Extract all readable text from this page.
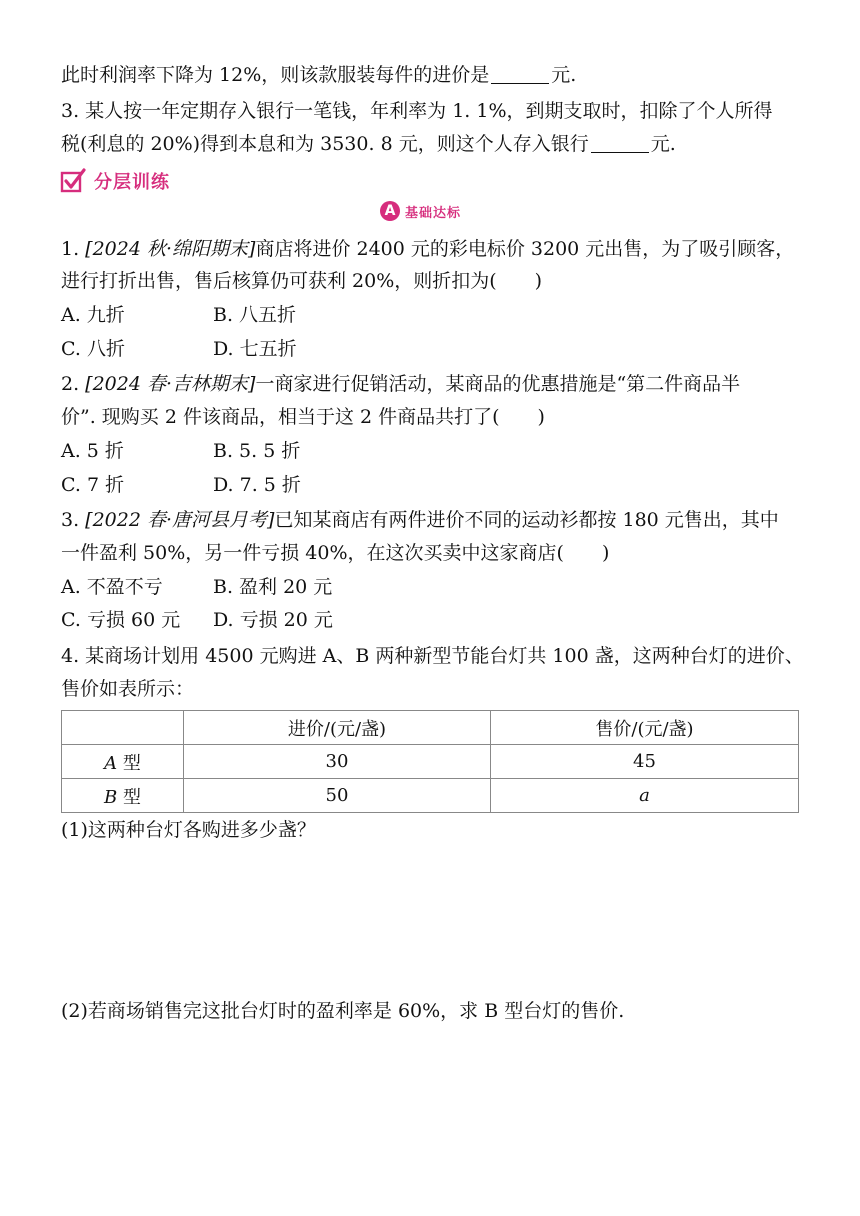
此时利润率下降为 12%，则该款服装每件的进价是	元.
3. 某人按一年定期存入银行一笔钱，年利率为 1. 1%，到期支取时，扣除了个人所得
税(利息的 20%)得到本息和为 3530. 8 元，则这个人存入银行	元.
分层训练
A 基础达标
1. [2024 秋·绵阳期末]商店将进价 2400 元的彩电标价 3200 元出售，为了吸引顾客，
进行打折出售，售后核算仍可获利 20%，则折扣为(　　)
A. 九折	B. 八五折
C. 八折	D. 七五折
2. [2024 春·吉林期末]一商家进行促销活动，某商品的优惠措施是“第二件商品半
价”. 现购买 2 件该商品，相当于这 2 件商品共打了(　　)
A. 5 折	B. 5. 5 折
C. 7 折	D. 7. 5 折
3. [2022 春·唐河县月考]已知某商店有两件进价不同的运动衫都按 180 元售出，其中
一件盈利 50%，另一件亏损 40%，在这次买卖中这家商店(　　)
A. 不盈不亏	B. 盈利 20 元
C. 亏损 60 元 D. 亏损 20 元
4. 某商场计划用 4500 元购进 A、B 两种新型节能台灯共 100 盏，这两种台灯的进价、
售价如表所示：
	进价/(元/盏)	售价/(元/盏)
A 型	30	45
B 型	50	a
(1)这两种台灯各购进多少盏？
(2)若商场销售完这批台灯时的盈利率是 60%，求 B 型台灯的售价.
